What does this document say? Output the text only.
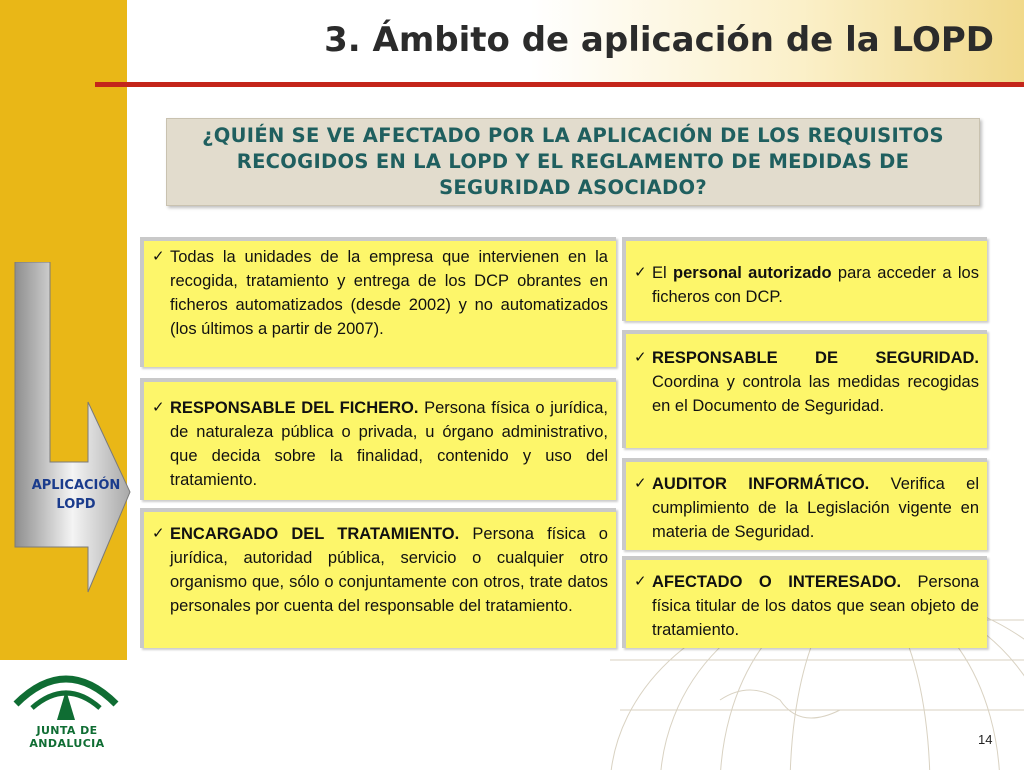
3. Ámbito de aplicación de la LOPD
¿QUIÉN SE VE AFECTADO POR LA APLICACIÓN DE LOS REQUISITOS RECOGIDOS EN LA LOPD Y EL REGLAMENTO DE MEDIDAS DE SEGURIDAD ASOCIADO?
APLICACIÓN
LOPD
✓ Todas la unidades de la empresa que intervienen en la recogida, tratamiento y entrega de los DCP obrantes en ficheros automatizados (desde 2002) y no automatizados (los últimos a partir de 2007).
✓ RESPONSABLE DEL FICHERO. Persona física o jurídica, de naturaleza pública o privada, u órgano administrativo, que decida sobre la finalidad, contenido y uso del tratamiento.
✓ ENCARGADO DEL TRATAMIENTO. Persona física o jurídica, autoridad pública, servicio o cualquier otro organismo que, sólo o conjuntamente con otros, trate datos personales por cuenta del responsable del tratamiento.
✓ El personal autorizado para acceder a los ficheros con DCP.
✓ RESPONSABLE DE SEGURIDAD. Coordina y controla las medidas recogidas en el Documento de Seguridad.
✓ AUDITOR INFORMÁTICO. Verifica el cumplimiento de la Legislación vigente en materia de Seguridad.
✓ AFECTADO O INTERESADO. Persona física titular de los datos que sean objeto de tratamiento.
JUNTA DE ANDALUCIA	14
